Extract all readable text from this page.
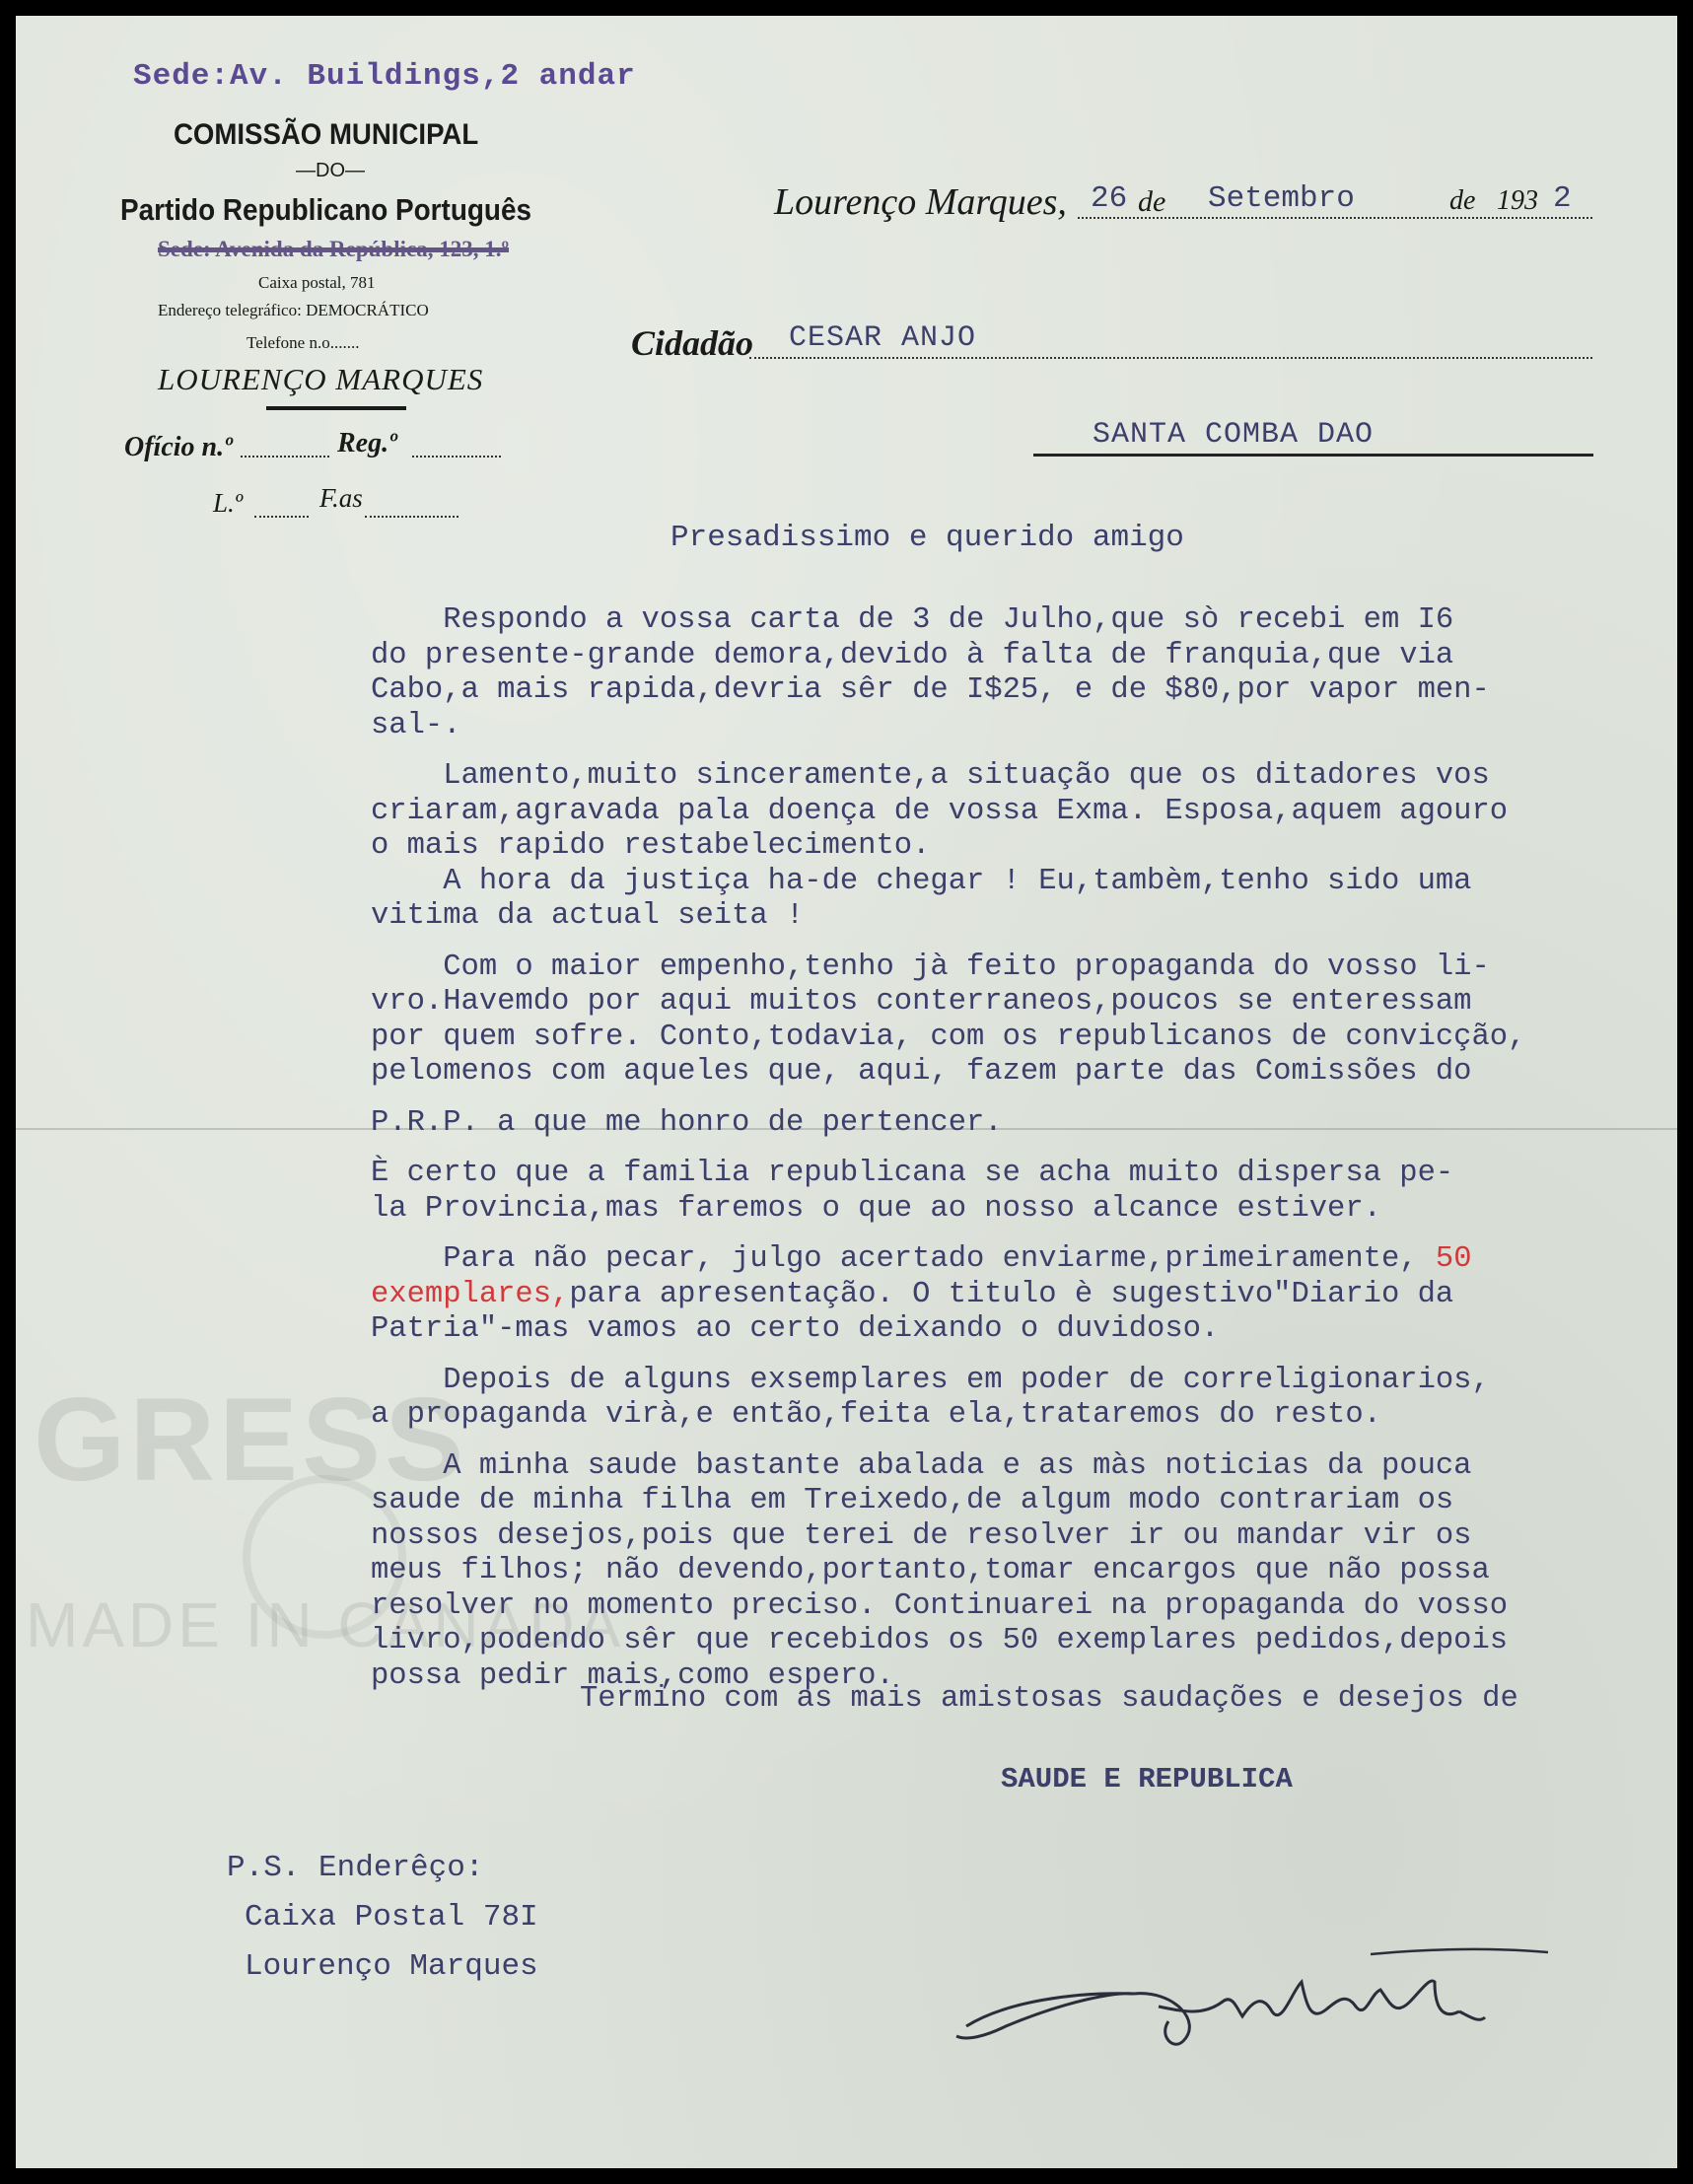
GRESS
MADE IN CANADA
Sede:Av. Buildings,2 andar
COMISSÃO MUNICIPAL
—DO—
Partido Republicano Português
Sede: Avenida da República, 123, 1.º
Caixa postal, 781
Endereço telegráfico: DEMOCRÁTICO
Telefone n.o.......
LOURENÇO MARQUES
Ofício n.º	Reg.º
L.º	F.as
Lourenço Marques, 26 de Setembro	de 193 2
Cidadão CESAR ANJO
SANTA COMBA DAO
Presadissimo e querido amigo

Respondo a vossa carta de 3 de Julho,que sò recebi em I6

do presente-grande demora,devido à falta de franquia,que via

Cabo,a mais rapida,devria sêr de I$25, e de $80,por vapor men-

sal-.

Lamento,muito sinceramente,a situação que os ditadores vos

criaram,agravada pala doença de vossa Exma. Esposa,aquem agouro

o mais rapido restabelecimento.

A hora da justiça ha-de chegar ! Eu,tambèm,tenho sido uma

vitima da actual seita !

Com o maior empenho,tenho jà feito propaganda do vosso li-

vro.Havemdo por aqui muitos conterraneos,poucos se enteressam

por quem sofre. Conto,todavia, com os republicanos de convicção,

pelomenos com aqueles que, aqui, fazem parte das Comissões do

P.R.P. a que me honro de pertencer.

È certo que a familia republicana se acha muito dispersa pe-

la Provincia,mas faremos o que ao nosso alcance estiver.

Para não pecar, julgo acertado enviarme,primeiramente, 50

exemplares,para apresentação. O titulo è sugestivo"Diario da

Patria"-mas vamos ao certo deixando o duvidoso.

Depois de alguns exsemplares em poder de correligionarios,

a propaganda virà,e então,feita ela,trataremos do resto.

A minha saude bastante abalada e as màs noticias da pouca

saude de minha filha em Treixedo,de algum modo contrariam os

nossos desejos,pois que terei de resolver ir ou mandar vir os

meus filhos; não devendo,portanto,tomar encargos que não possa

resolver no momento preciso. Continuarei na propaganda do vosso

livro,podendo sêr que recebidos os 50 exemplares pedidos,depois

possa pedir mais,como espero.

Termino com as mais amistosas saudações e desejos de
SAUDE E REPUBLICA
P.S. Enderêço:
Caixa Postal 78I
Lourenço Marques
